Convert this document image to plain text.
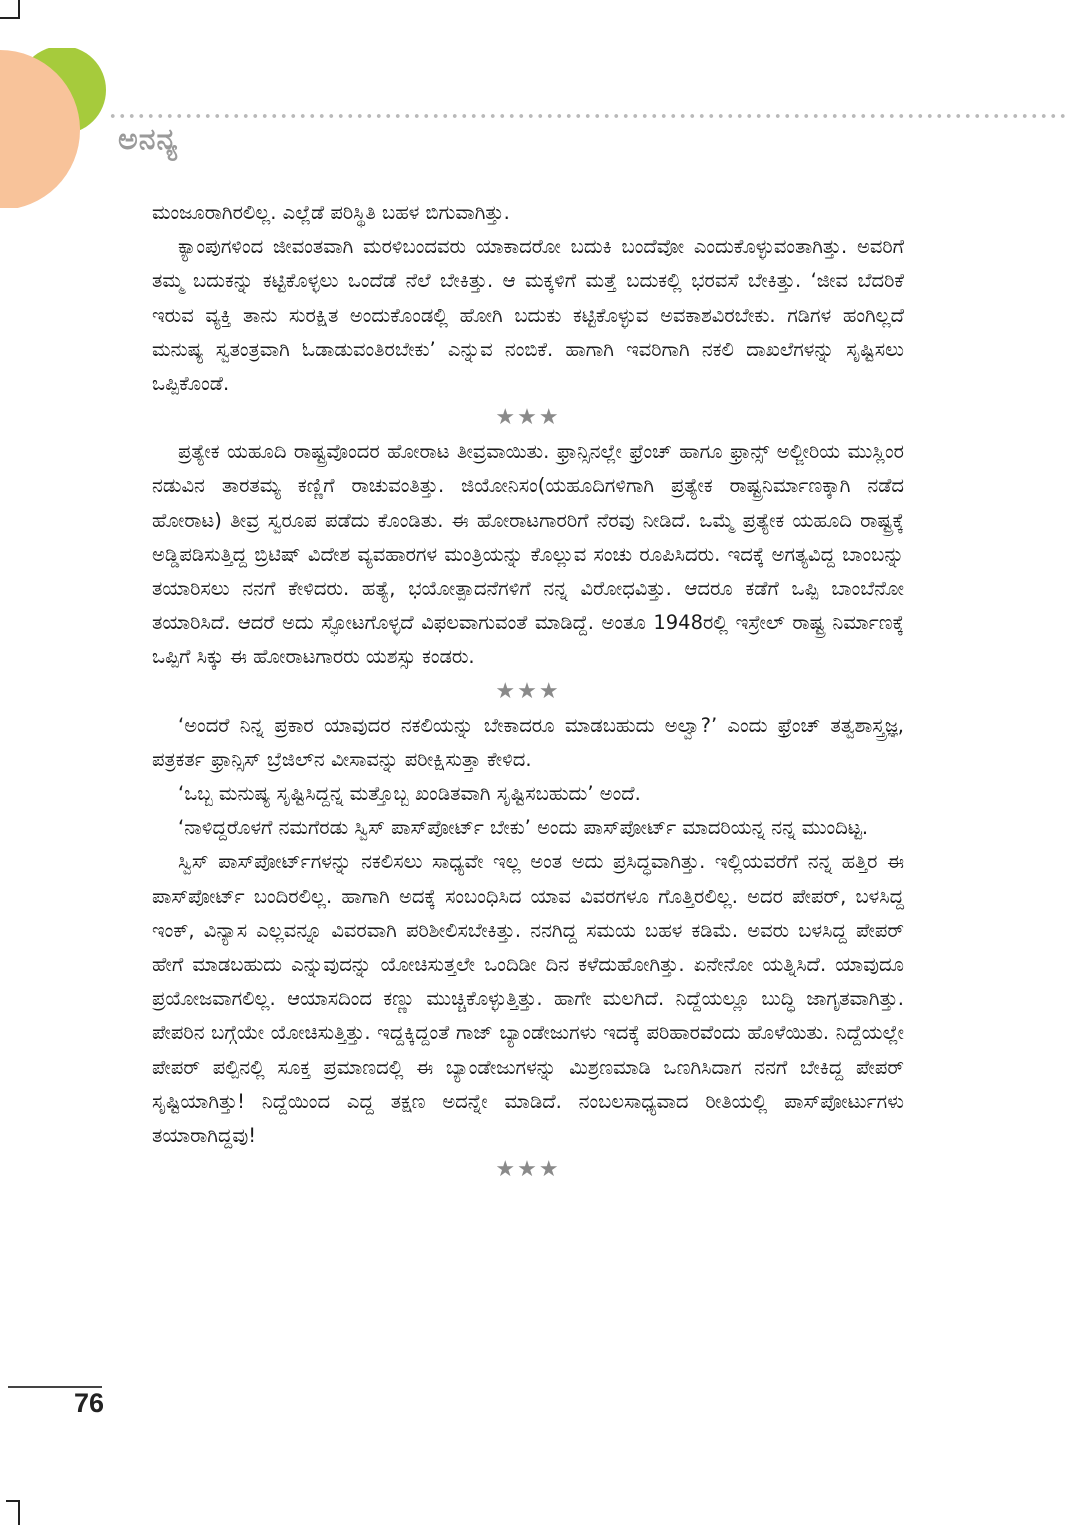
ಅನನ್ಯ

ಮಂಜೂರಾಗಿರಲಿಲ್ಲ. ಎಲ್ಲೆಡೆ ಪರಿಸ್ಥಿತಿ ಬಹಳ ಬಿಗುವಾಗಿತ್ತು.

ಕ್ಯಾಂಪುಗಳಿಂದ ಜೀವಂತವಾಗಿ ಮರಳಿಬಂದವರು ಯಾಕಾದರೋ ಬದುಕಿ ಬಂದೆವೋ ಎಂದುಕೊಳ್ಳುವಂತಾಗಿತ್ತು. ಅವರಿಗೆ ತಮ್ಮ ಬದುಕನ್ನು ಕಟ್ಟಿಕೊಳ್ಳಲು ಒಂದೆಡೆ ನೆಲೆ ಬೇಕಿತ್ತು. ಆ ಮಕ್ಕಳಿಗೆ ಮತ್ತೆ ಬದುಕಲ್ಲಿ ಭರವಸೆ ಬೇಕಿತ್ತು. ‘ಜೀವ ಬೆದರಿಕೆ ಇರುವ ವ್ಯಕ್ತಿ ತಾನು ಸುರಕ್ಷಿತ ಅಂದುಕೊಂಡಲ್ಲಿ ಹೋಗಿ ಬದುಕು ಕಟ್ಟಿಕೊಳ್ಳುವ ಅವಕಾಶವಿರಬೇಕು. ಗಡಿಗಳ ಹಂಗಿಲ್ಲದೆ ಮನುಷ್ಯ ಸ್ವತಂತ್ರವಾಗಿ ಓಡಾಡುವಂತಿರಬೇಕು’ ಎನ್ನುವ ನಂಬಿಕೆ. ಹಾಗಾಗಿ ಇವರಿಗಾಗಿ ನಕಲಿ ದಾಖಲೆಗಳನ್ನು ಸೃಷ್ಟಿಸಲು ಒಪ್ಪಿಕೊಂಡೆ.

★★★

ಪ್ರತ್ಯೇಕ ಯಹೂದಿ ರಾಷ್ಟ್ರವೊಂದರ ಹೋರಾಟ ತೀವ್ರವಾಯಿತು. ಫ್ರಾನ್ಸಿನಲ್ಲೇ ಫ್ರೆಂಚ್ ಹಾಗೂ ಫ್ರಾನ್ಸ್ ಅಲ್ಜೀರಿಯ ಮುಸ್ಲಿಂರ ನಡುವಿನ ತಾರತಮ್ಯ ಕಣ್ಣಿಗೆ ರಾಚುವಂತಿತ್ತು. ಜಿಯೋನಿಸಂ(ಯಹೂದಿಗಳಿಗಾಗಿ ಪ್ರತ್ಯೇಕ ರಾಷ್ಟ್ರನಿರ್ಮಾಣಕ್ಕಾಗಿ ನಡೆದ ಹೋರಾಟ) ತೀವ್ರ ಸ್ವರೂಪ ಪಡೆದು ಕೊಂಡಿತು. ಈ ಹೋರಾಟಗಾರರಿಗೆ ನೆರವು ನೀಡಿದೆ. ಒಮ್ಮೆ ಪ್ರತ್ಯೇಕ ಯಹೂದಿ ರಾಷ್ಟ್ರಕ್ಕೆ ಅಡ್ಡಿಪಡಿಸುತ್ತಿದ್ದ ಬ್ರಿಟಿಷ್ ವಿದೇಶ ವ್ಯವಹಾರಗಳ ಮಂತ್ರಿಯನ್ನು ಕೊಲ್ಲುವ ಸಂಚು ರೂಪಿಸಿದರು. ಇದಕ್ಕೆ ಅಗತ್ಯವಿದ್ದ ಬಾಂಬನ್ನು ತಯಾರಿಸಲು ನನಗೆ ಕೇಳಿದರು. ಹತ್ಯೆ, ಭಯೋತ್ಪಾದನೆಗಳಿಗೆ ನನ್ನ ವಿರೋಧವಿತ್ತು. ಆದರೂ ಕಡೆಗೆ ಒಪ್ಪಿ ಬಾಂಬೆನೋ ತಯಾರಿಸಿದೆ. ಆದರೆ ಅದು ಸ್ಫೋಟಗೊಳ್ಳದೆ ವಿಫಲವಾಗುವಂತೆ ಮಾಡಿದ್ದೆ. ಅಂತೂ 1948ರಲ್ಲಿ ಇಸ್ರೇಲ್ ರಾಷ್ಟ್ರ ನಿರ್ಮಾಣಕ್ಕೆ ಒಪ್ಪಿಗೆ ಸಿಕ್ಕು ಈ ಹೋರಾಟಗಾರರು ಯಶಸ್ಸು ಕಂಡರು.

★★★

‘ಅಂದರೆ ನಿನ್ನ ಪ್ರಕಾರ ಯಾವುದರ ನಕಲಿಯನ್ನು ಬೇಕಾದರೂ ಮಾಡಬಹುದು ಅಲ್ವಾ?’ ಎಂದು ಫ್ರೆಂಚ್ ತತ್ವಶಾಸ್ತ್ರಜ್ಞ, ಪತ್ರಕರ್ತ ಫ್ರಾನ್ಸಿಸ್ ಬ್ರೆಜಿಲ್‌ನ ವೀಸಾವನ್ನು ಪರೀಕ್ಷಿಸುತ್ತಾ ಕೇಳಿದ.

‘ಒಬ್ಬ ಮನುಷ್ಯ ಸೃಷ್ಟಿಸಿದ್ದನ್ನ ಮತ್ತೊಬ್ಬ ಖಂಡಿತವಾಗಿ ಸೃಷ್ಟಿಸಬಹುದು’ ಅಂದೆ.

‘ನಾಳಿದ್ದರೊಳಗೆ ನಮಗೆರಡು ಸ್ವಿಸ್ ಪಾಸ್‌ಪೋರ್ಟ್ ಬೇಕು’ ಅಂದು ಪಾಸ್‌ಪೋರ್ಟ್ ಮಾದರಿಯನ್ನ ನನ್ನ ಮುಂದಿಟ್ಟ.

ಸ್ವಿಸ್ ಪಾಸ್‌ಪೋರ್ಟ್‌ಗಳನ್ನು ನಕಲಿಸಲು ಸಾಧ್ಯವೇ ಇಲ್ಲ ಅಂತ ಅದು ಪ್ರಸಿದ್ಧವಾಗಿತ್ತು. ಇಲ್ಲಿಯವರೆಗೆ ನನ್ನ ಹತ್ತಿರ ಈ ಪಾಸ್‌ಪೋರ್ಟ್ ಬಂದಿರಲಿಲ್ಲ. ಹಾಗಾಗಿ ಅದಕ್ಕೆ ಸಂಬಂಧಿಸಿದ ಯಾವ ವಿವರಗಳೂ ಗೊತ್ತಿರಲಿಲ್ಲ. ಅದರ ಪೇಪರ್, ಬಳಸಿದ್ದ ಇಂಕ್, ವಿನ್ಯಾಸ ಎಲ್ಲವನ್ನೂ ವಿವರವಾಗಿ ಪರಿಶೀಲಿಸಬೇಕಿತ್ತು. ನನಗಿದ್ದ ಸಮಯ ಬಹಳ ಕಡಿಮೆ. ಅವರು ಬಳಸಿದ್ದ ಪೇಪರ್ ಹೇಗೆ ಮಾಡಬಹುದು ಎನ್ನುವುದನ್ನು ಯೋಚಿಸುತ್ತಲೇ ಒಂದಿಡೀ ದಿನ ಕಳೆದುಹೋಗಿತ್ತು. ಏನೇನೋ ಯತ್ನಿಸಿದೆ. ಯಾವುದೂ ಪ್ರಯೋಜವಾಗಲಿಲ್ಲ. ಆಯಾಸದಿಂದ ಕಣ್ಣು ಮುಚ್ಚಿಕೊಳ್ಳುತ್ತಿತ್ತು. ಹಾಗೇ ಮಲಗಿದೆ. ನಿದ್ದೆಯಲ್ಲೂ ಬುದ್ಧಿ ಜಾಗೃತವಾಗಿತ್ತು. ಪೇಪರಿನ ಬಗ್ಗೆಯೇ ಯೋಚಿಸುತ್ತಿತ್ತು. ಇದ್ದಕ್ಕಿದ್ದಂತೆ ಗಾಜ್ ಬ್ಯಾಂಡೇಜುಗಳು ಇದಕ್ಕೆ ಪರಿಹಾರವೆಂದು ಹೊಳೆಯಿತು. ನಿದ್ದೆಯಲ್ಲೇ ಪೇಪರ್ ಪಲ್ಪಿನಲ್ಲಿ ಸೂಕ್ತ ಪ್ರಮಾಣದಲ್ಲಿ ಈ ಬ್ಯಾಂಡೇಜುಗಳನ್ನು ಮಿಶ್ರಣಮಾಡಿ ಒಣಗಿಸಿದಾಗ ನನಗೆ ಬೇಕಿದ್ದ ಪೇಪರ್ ಸೃಷ್ಟಿಯಾಗಿತ್ತು! ನಿದ್ದೆಯಿಂದ ಎದ್ದ ತಕ್ಷಣ ಅದನ್ನೇ ಮಾಡಿದೆ. ನಂಬಲಸಾಧ್ಯವಾದ ರೀತಿಯಲ್ಲಿ ಪಾಸ್‌ಪೋರ್ಟುಗಳು ತಯಾರಾಗಿದ್ದವು!

★★★
76
